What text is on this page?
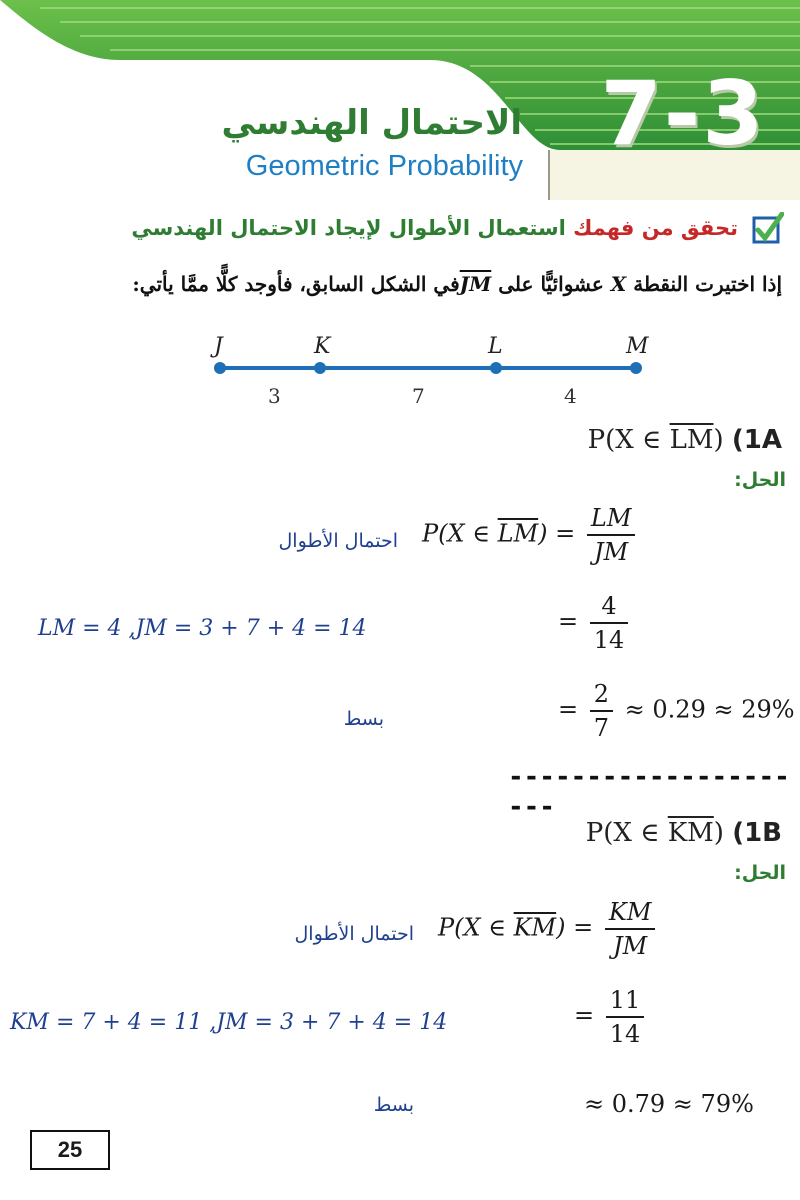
7-3
الاحتمال الهندسي
Geometric Probability
تحقق من فهمك استعمال الأطوال لإيجاد الاحتمال الهندسي
إذا اختيرت النقطة X عشوائيًّا على JMفي الشكل السابق، فأوجد كلًّا ممَّا يأتي:
J	K	L	M
3	7	4
P(X ∈ $\overline{LM}$) (1A
الحل:
احتمال الأطوال P(X ∈ $\overline{LM}) = \frac{LM}{JM}$
LM = 4 ,JM = 3 + 7 + 4 = 14	= $\frac{4}{14}$
بسط	= $\frac{2}{7} \approx 0.29 \approx 29\%$
---------------------
P(X ∈ $\overline{KM}$) (1B
الحل:
احتمال الأطوال P(X ∈ $\overline{KM}) = \frac{KM}{JM}$
KM = 7 + 4 = 11 ,JM = 3 + 7 + 4 = 14	= $\frac{11}{14}$
بسط	≈ 0.79 ≈ 79%
25
